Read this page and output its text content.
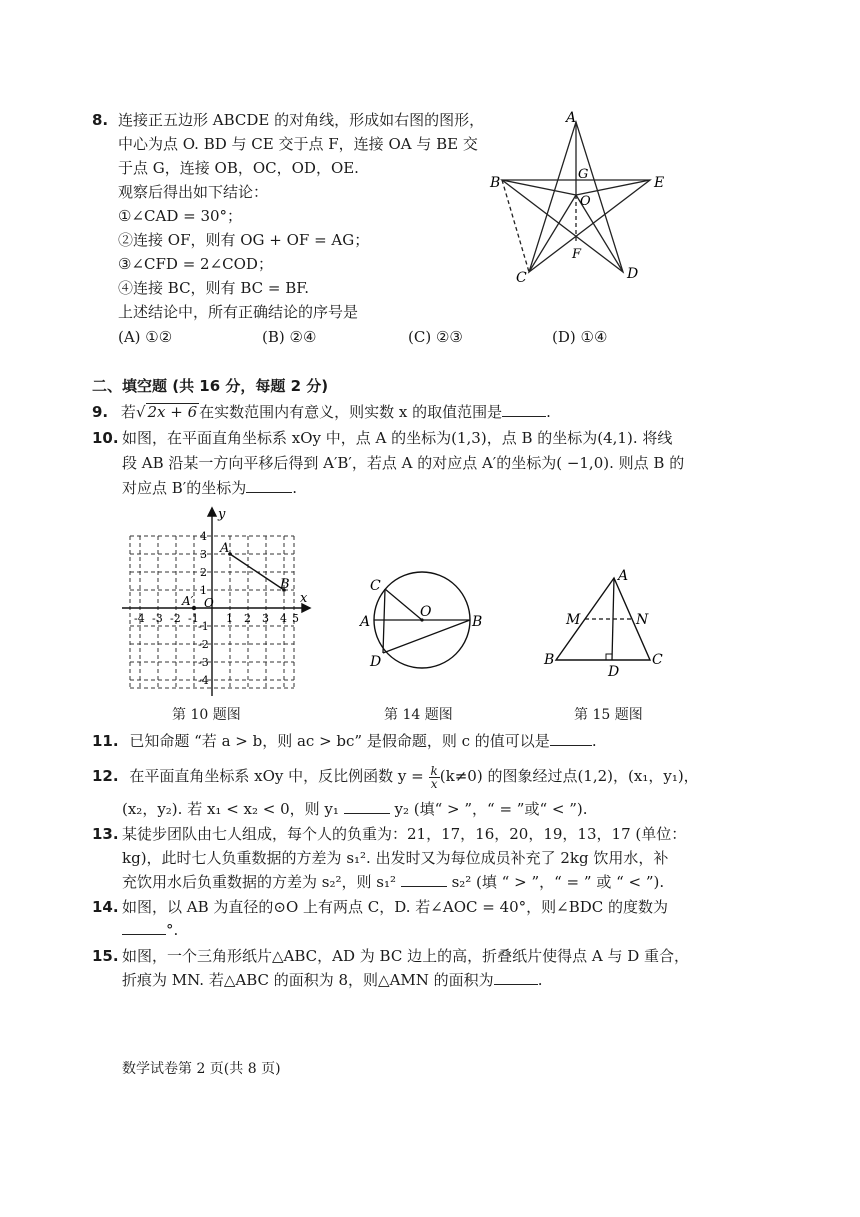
8. 连接正五边形 ABCDE 的对角线，形成如右图的图形，
中心为点 O. BD 与 CE 交于点 F，连接 OA 与 BE 交
于点 G，连接 OB，OC，OD，OE.
观察后得出如下结论：
①∠CAD = 30°；
②连接 OF，则有 OG + OF = AG；
③∠CFD = 2∠COD；
④连接 BC，则有 BC = BF.
上述结论中，所有正确结论的序号是
(A) ①②	(B) ②④	(C) ②③	(D) ①④
A
B	E
C	D
G
O
F
二、填空题 (共 16 分，每题 2 分)
9. 若√ 2x + 6 在实数范围内有意义，则实数 x 的取值范围是	.
10. 如图，在平面直角坐标系 xOy 中，点 A 的坐标为(1,3)，点 B 的坐标为(4,1). 将线
段 AB 沿某一方向平移后得到 A′B′，若点 A 的对应点 A′的坐标为( −1,0). 则点 B 的
对应点 B′的坐标为	.
y
x
O
A
B
A′
-4 -3 -2 -1 1 2 3 4 5
4
3
2
1
-1
-2
-3
-4
C
A	B
D
O
A
M	N
B	C
D
第 10 题图	第 14 题图	第 15 题图
11. 已知命题 “若 a > b，则 ac > bc” 是假命题，则 c 的值可以是	.
12. 在平面直角坐标系 xOy 中，反比例函数 $y = \frac{k}{x} (k\ne 0)$ 的图象经过点(1,2)，(x₁，y₁)，
(x₂，y₂). 若 x₁ < x₂ < 0，则 y₁	y₂ (填“ > ”，“ = ”或“ < ”).
13. 某徒步团队由七人组成，每个人的负重为：21，17，16，20，19，13，17 (单位：
kg)，此时七人负重数据的方差为 s₁². 出发时又为每位成员补充了 2kg 饮用水，补
充饮用水后负重数据的方差为 s₂²，则 s₁²	s₂² (填 “ > ”，“ = ” 或 “ < ”).
14. 如图，以 AB 为直径的⊙O 上有两点 C，D. 若∠AOC = 40°，则∠BDC 的度数为
°.
15. 如图，一个三角形纸片△ABC，AD 为 BC 边上的高，折叠纸片使得点 A 与 D 重合，
折痕为 MN. 若△ABC 的面积为 8，则△AMN 的面积为	.
数学试卷第 2 页(共 8 页)
